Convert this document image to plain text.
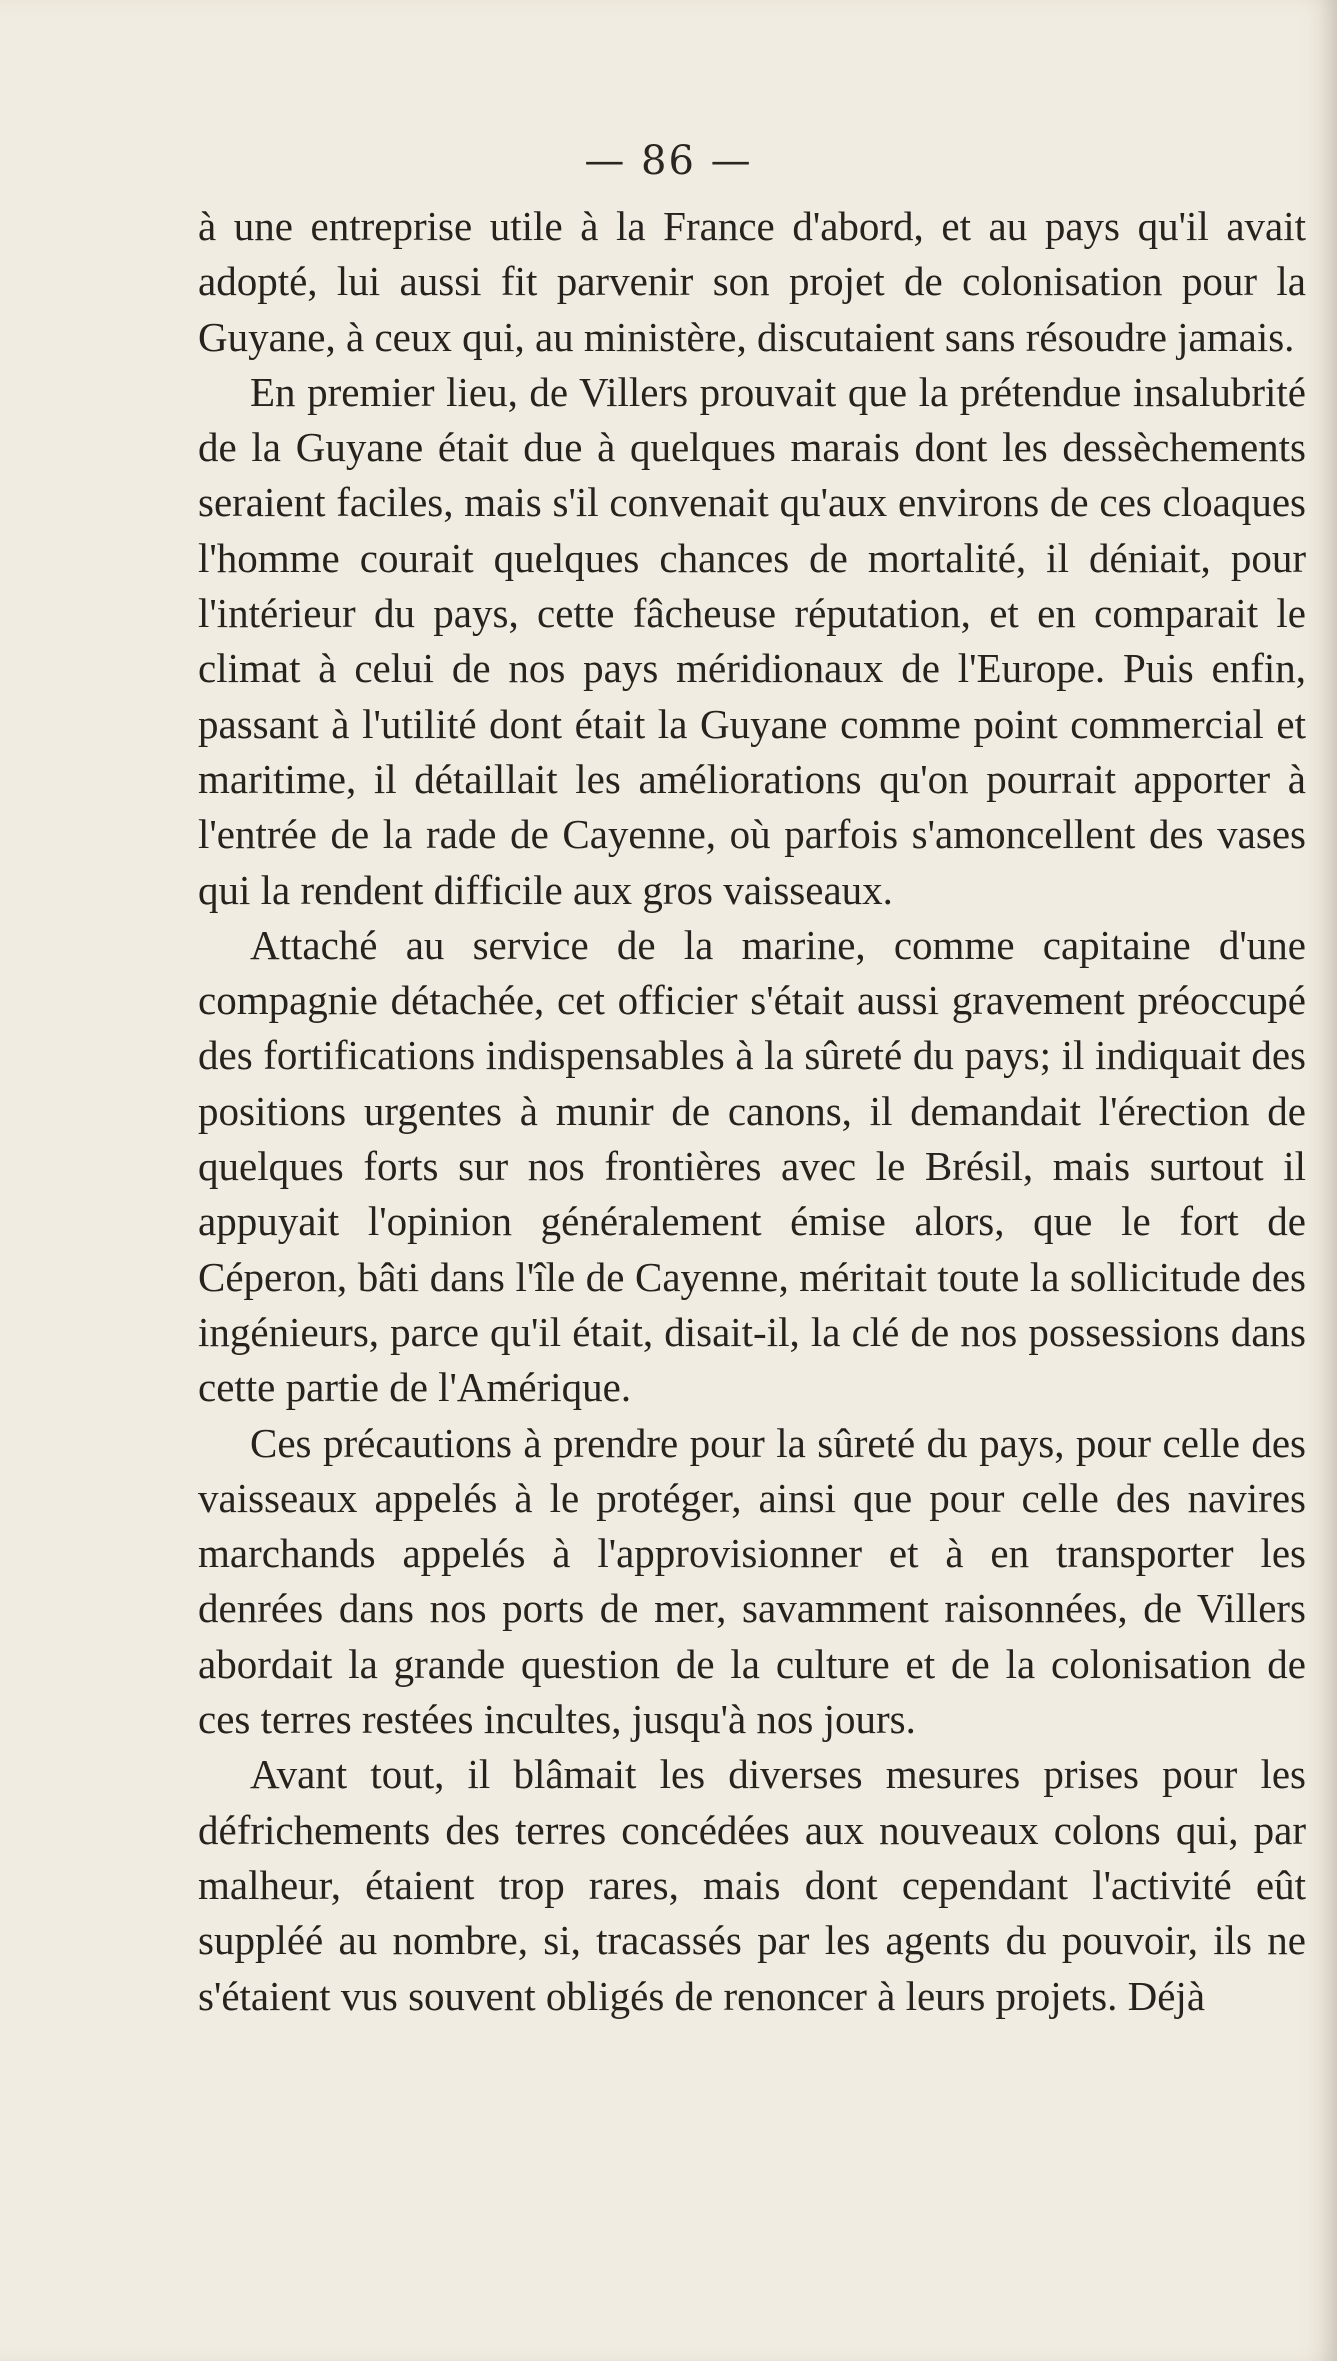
— 86 —

à une entreprise utile à la France d'abord, et au pays qu'il avait adopté, lui aussi fit parvenir son projet de colonisation pour la Guyane, à ceux qui, au ministère, discutaient sans résoudre jamais.

En premier lieu, de Villers prouvait que la prétendue insalubrité de la Guyane était due à quelques marais dont les dessèchements seraient faciles, mais s'il convenait qu'aux environs de ces cloaques l'homme courait quelques chances de mortalité, il déniait, pour l'intérieur du pays, cette fâcheuse réputation, et en comparait le climat à celui de nos pays méridionaux de l'Europe. Puis enfin, passant à l'utilité dont était la Guyane comme point commercial et maritime, il détaillait les améliorations qu'on pourrait apporter à l'entrée de la rade de Cayenne, où parfois s'amoncellent des vases qui la rendent difficile aux gros vaisseaux.

Attaché au service de la marine, comme capitaine d'une compagnie détachée, cet officier s'était aussi gravement préoccupé des fortifications indispensables à la sûreté du pays; il indiquait des positions urgentes à munir de canons, il demandait l'érection de quelques forts sur nos frontières avec le Brésil, mais surtout il appuyait l'opinion généralement émise alors, que le fort de Céperon, bâti dans l'île de Cayenne, méritait toute la sollicitude des ingénieurs, parce qu'il était, disait-il, la clé de nos possessions dans cette partie de l'Amérique.

Ces précautions à prendre pour la sûreté du pays, pour celle des vaisseaux appelés à le protéger, ainsi que pour celle des navires marchands appelés à l'approvisionner et à en transporter les denrées dans nos ports de mer, savamment raisonnées, de Villers abordait la grande question de la culture et de la colonisation de ces terres restées incultes, jusqu'à nos jours.

Avant tout, il blâmait les diverses mesures prises pour les défrichements des terres concédées aux nouveaux colons qui, par malheur, étaient trop rares, mais dont cependant l'activité eût suppléé au nombre, si, tracassés par les agents du pouvoir, ils ne s'étaient vus souvent obligés de renoncer à leurs projets. Déjà
